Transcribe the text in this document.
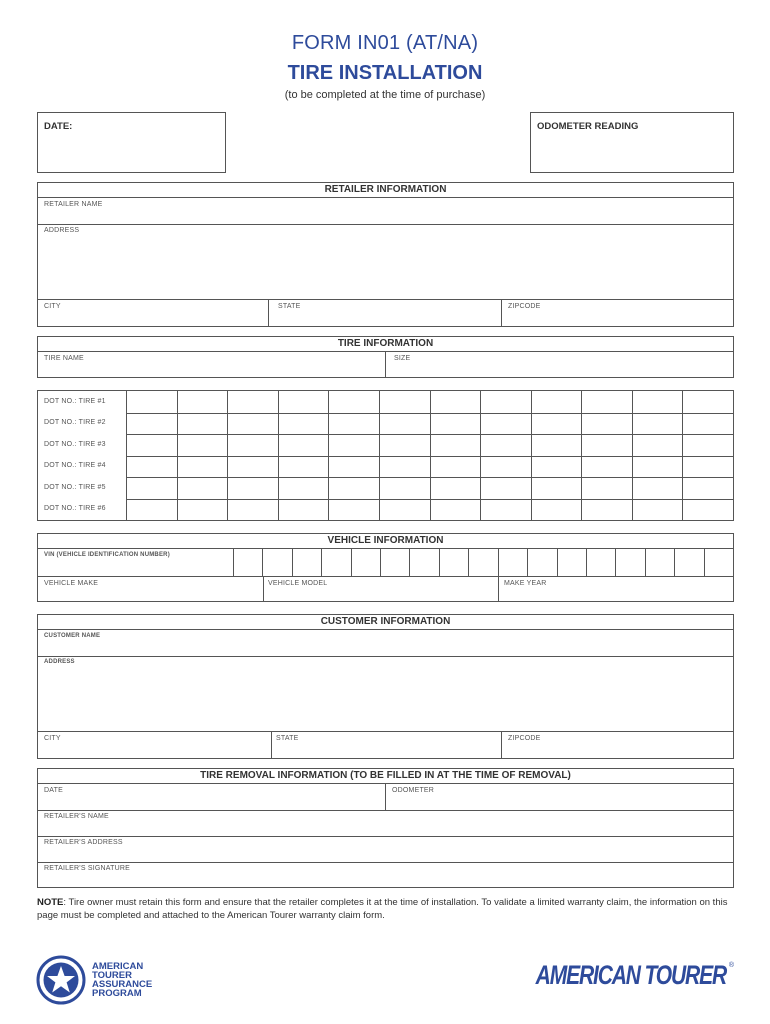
FORM IN01 (AT/NA)
TIRE INSTALLATION
(to be completed at the time of purchase)
DATE:	ODOMETER READING
RETAILER INFORMATION
RETAILER NAME
ADDRESS
CITY	STATE	ZIPCODE
TIRE INFORMATION
TIRE NAME	SIZE
DOT NO.: TIRE #1
DOT NO.: TIRE #2
DOT NO.: TIRE #3
DOT NO.: TIRE #4
DOT NO.: TIRE #5
DOT NO.: TIRE #6
VEHICLE INFORMATION
VIN (VEHICLE IDENTIFICATION NUMBER)
VEHICLE MAKE	VEHICLE MODEL	MAKE YEAR
CUSTOMER INFORMATION
CUSTOMER NAME
ADDRESS
CITY	STATE	ZIPCODE
TIRE REMOVAL INFORMATION (TO BE FILLED IN AT THE TIME OF REMOVAL)
DATE	ODOMETER
RETAILER'S NAME
RETAILER'S ADDRESS
RETAILER'S SIGNATURE
NOTE: Tire owner must retain this form and ensure that the retailer completes it at the time of installation. To validate a limited warranty claim, the information on this page must be completed and attached to the American Tourer warranty claim form.
AMERICAN
TOURER
ASSURANCE
PROGRAM
AMERICAN TOURER ®
